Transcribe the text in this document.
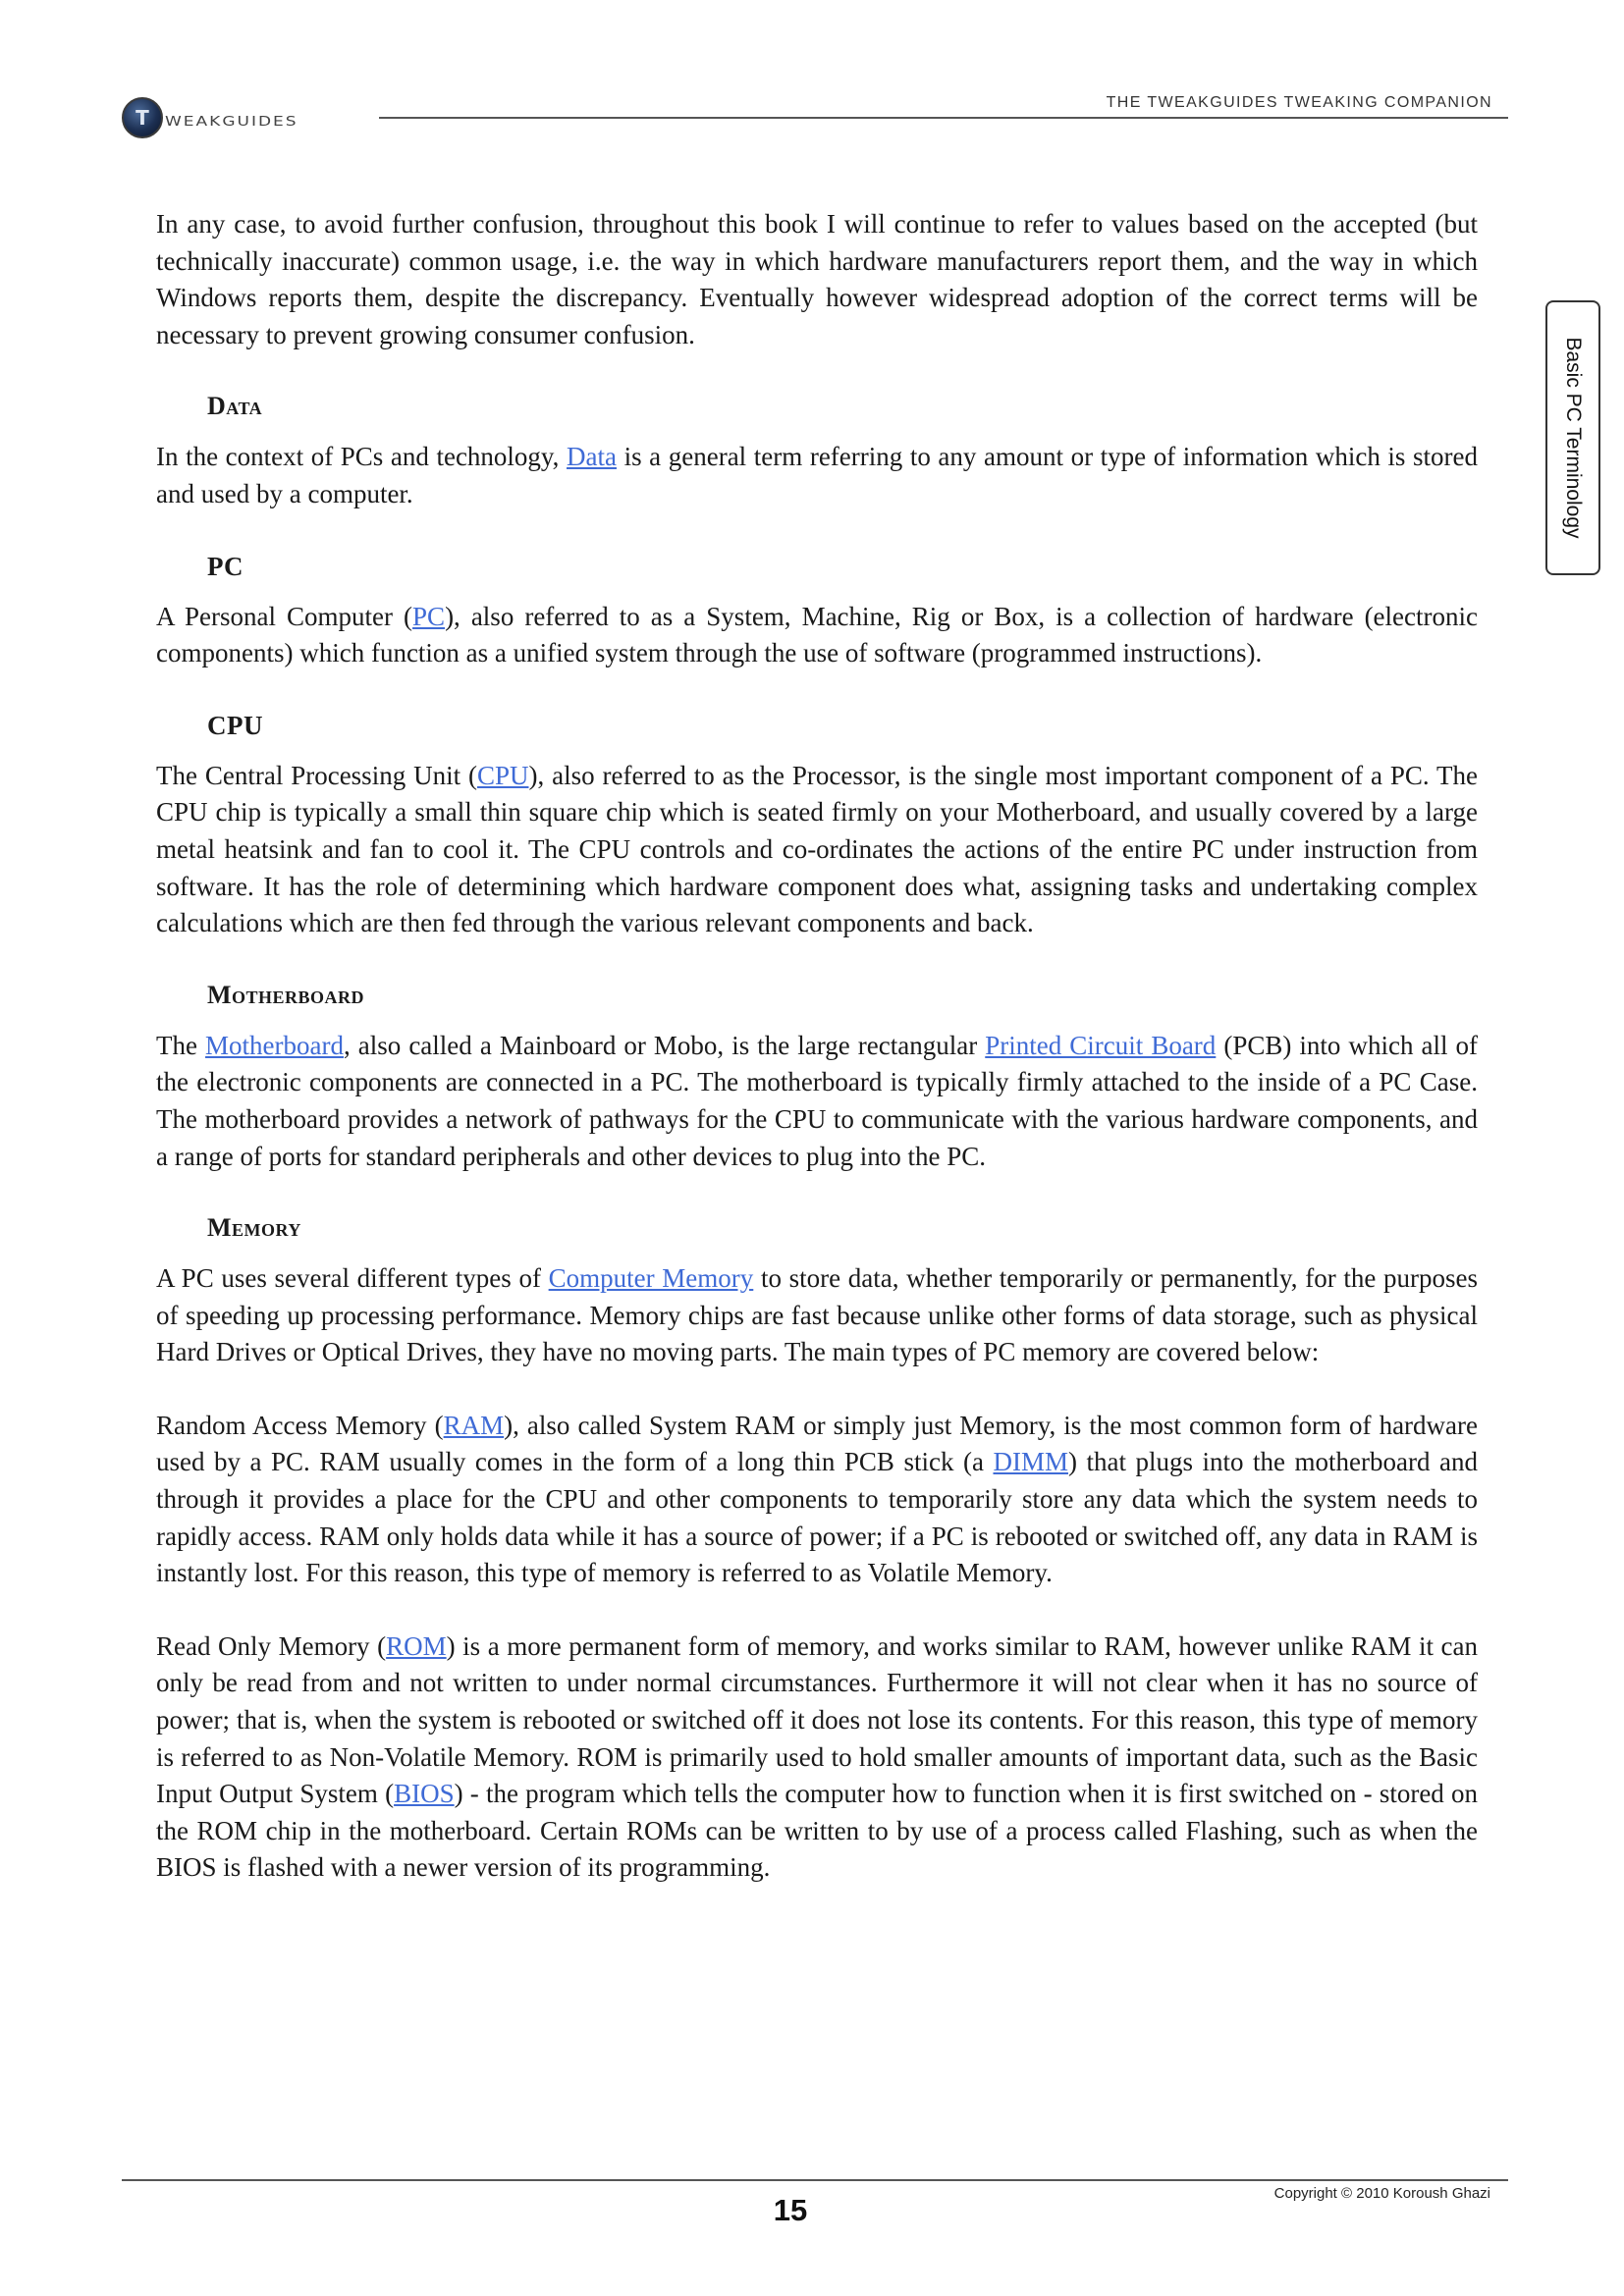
T WEAKGUIDES
THE TWEAKGUIDES TWEAKING COMPANION
Basic PC Terminology

In any case, to avoid further confusion, throughout this book I will continue to refer to values based on the accepted (but technically inaccurate) common usage, i.e. the way in which hardware manufacturers report them, and the way in which Windows reports them, despite the discrepancy. Eventually however widespread adoption of the correct terms will be necessary to prevent growing consumer confusion.

Data

In the context of PCs and technology, Data is a general term referring to any amount or type of information which is stored and used by a computer.

PC

A Personal Computer (PC), also referred to as a System, Machine, Rig or Box, is a collection of hardware (electronic components) which function as a unified system through the use of software (programmed instructions).

CPU

The Central Processing Unit (CPU), also referred to as the Processor, is the single most important component of a PC. The CPU chip is typically a small thin square chip which is seated firmly on your Motherboard, and usually covered by a large metal heatsink and fan to cool it. The CPU controls and co-ordinates the actions of the entire PC under instruction from software. It has the role of determining which hardware component does what, assigning tasks and undertaking complex calculations which are then fed through the various relevant components and back.

Motherboard

The Motherboard, also called a Mainboard or Mobo, is the large rectangular Printed Circuit Board (PCB) into which all of the electronic components are connected in a PC. The motherboard is typically firmly attached to the inside of a PC Case. The motherboard provides a network of pathways for the CPU to communicate with the various hardware components, and a range of ports for standard peripherals and other devices to plug into the PC.

Memory

A PC uses several different types of Computer Memory to store data, whether temporarily or permanently, for the purposes of speeding up processing performance. Memory chips are fast because unlike other forms of data storage, such as physical Hard Drives or Optical Drives, they have no moving parts. The main types of PC memory are covered below:

Random Access Memory (RAM), also called System RAM or simply just Memory, is the most common form of hardware used by a PC. RAM usually comes in the form of a long thin PCB stick (a DIMM) that plugs into the motherboard and through it provides a place for the CPU and other components to temporarily store any data which the system needs to rapidly access. RAM only holds data while it has a source of power; if a PC is rebooted or switched off, any data in RAM is instantly lost. For this reason, this type of memory is referred to as Volatile Memory.

Read Only Memory (ROM) is a more permanent form of memory, and works similar to RAM, however unlike RAM it can only be read from and not written to under normal circumstances. Furthermore it will not clear when it has no source of power; that is, when the system is rebooted or switched off it does not lose its contents. For this reason, this type of memory is referred to as Non-Volatile Memory. ROM is primarily used to hold smaller amounts of important data, such as the Basic Input Output System (BIOS) - the program which tells the computer how to function when it is first switched on - stored on the ROM chip in the motherboard. Certain ROMs can be written to by use of a process called Flashing, such as when the BIOS is flashed with a newer version of its programming.

Copyright © 2010 Koroush Ghazi
15
